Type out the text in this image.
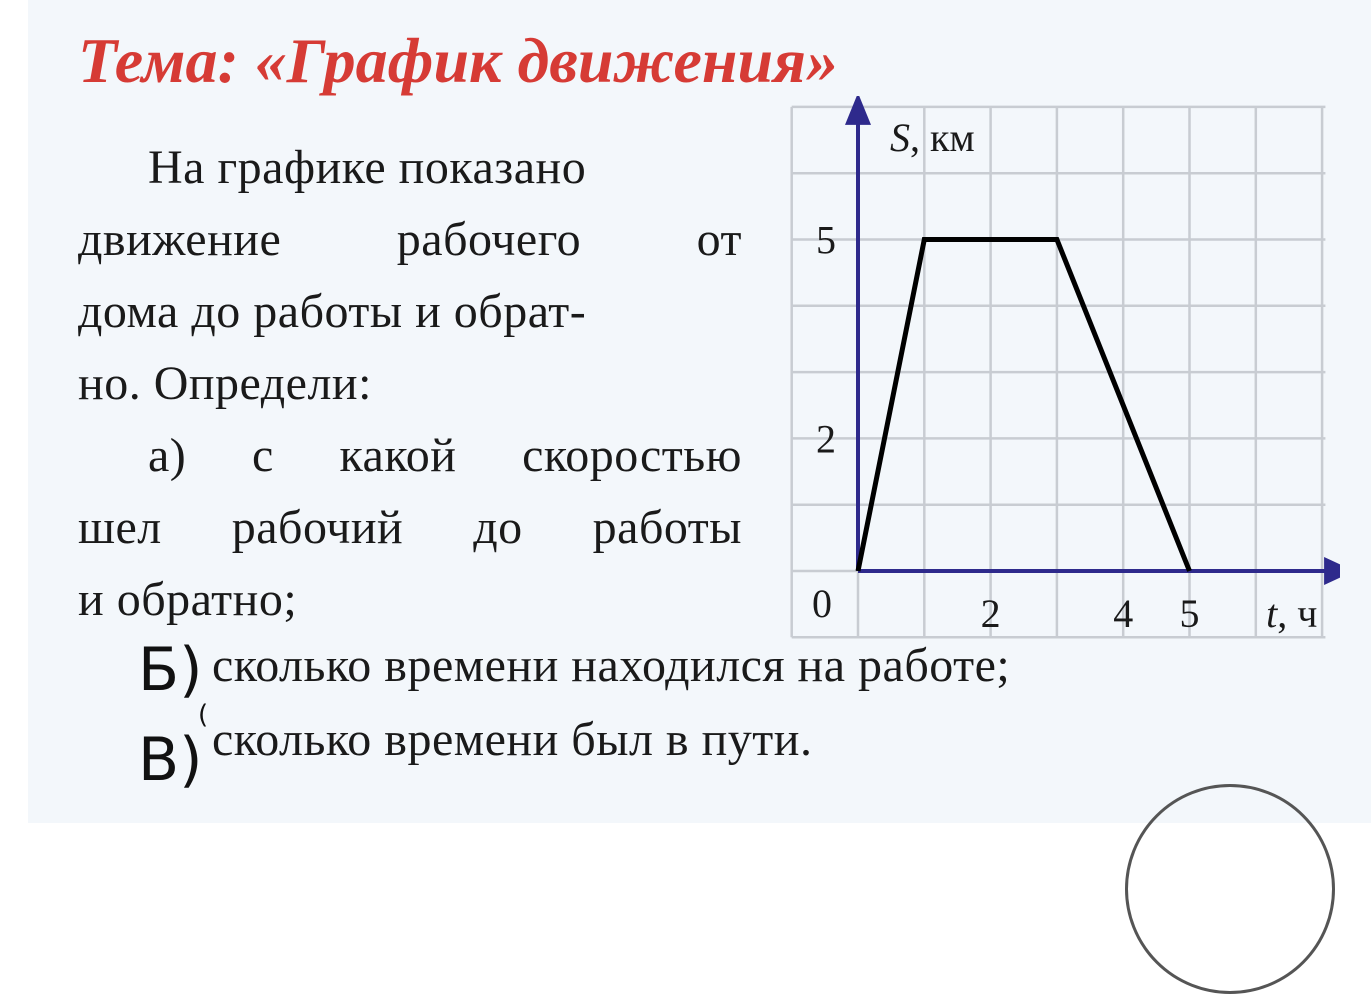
Тема: «График движения»
На графике показано
движение рабочего от
дома до работы и обрат-
но. Определи:
а) с какой скоростью
шел рабочий до работы
и обратно;
сколько времени находился на работе;
сколько времени был в пути.
Б)
В)
(
0	2	4 5
2
5
t, ч
S, км
